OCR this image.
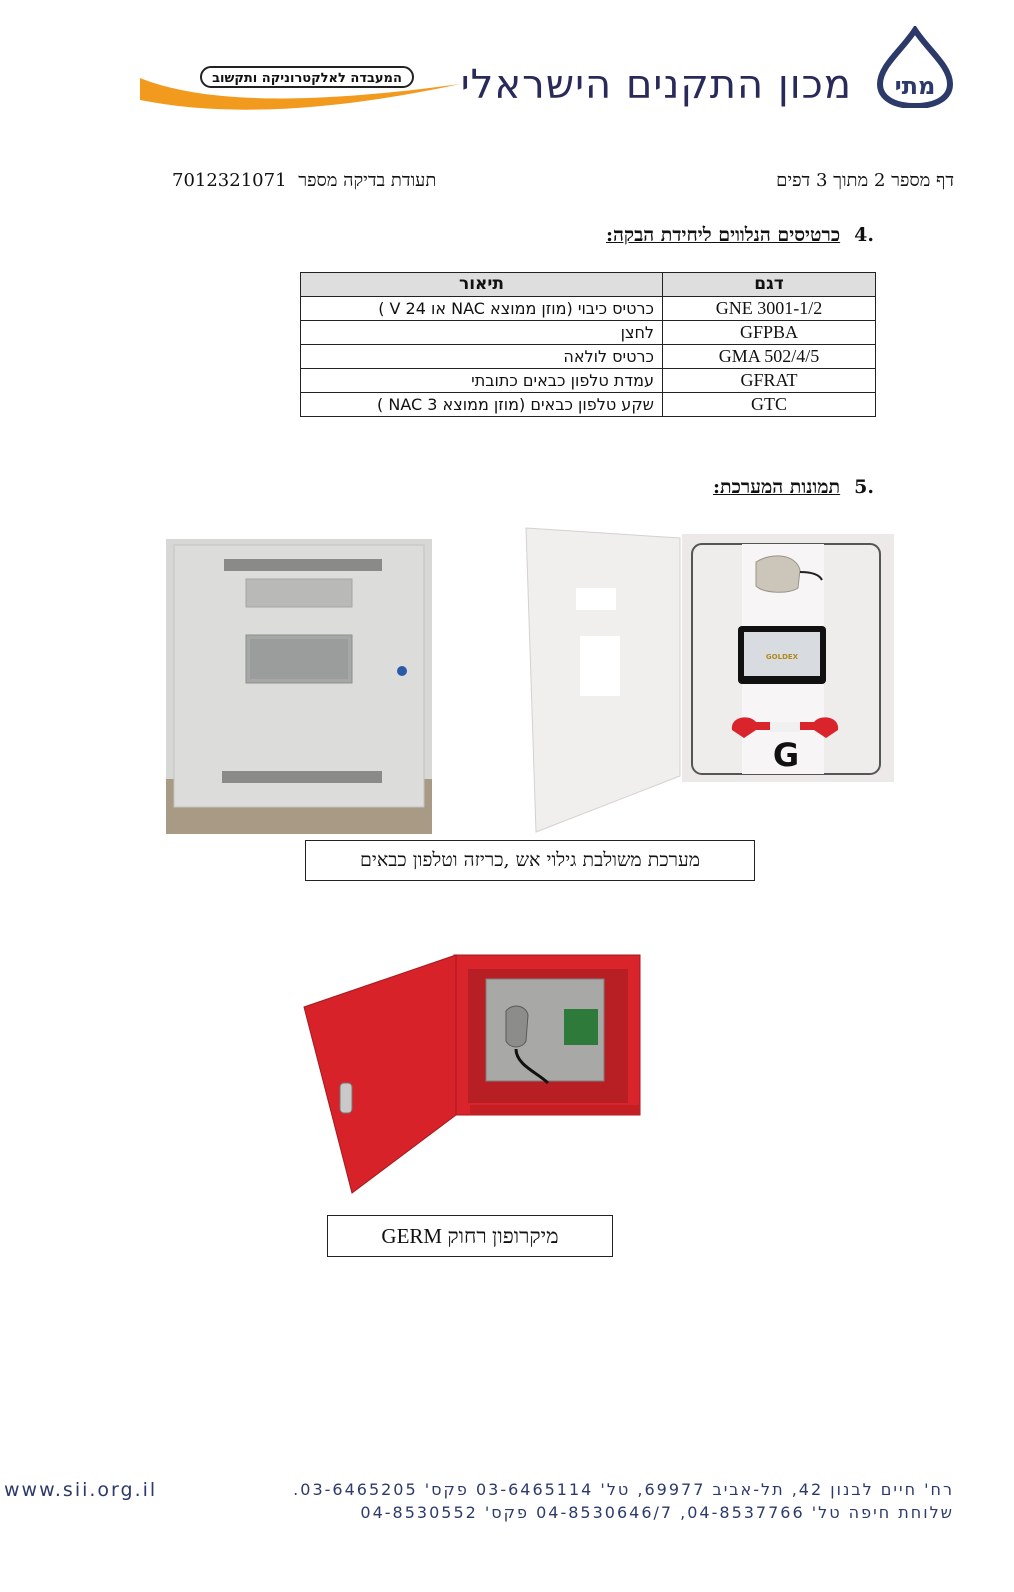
מתי
מכון התקנים הישראלי
המעבדה לאלקטרוניקה ותקשוב
דף מספר 2 מתוך 3 דפים
תעודת בדיקה מספר 7012321071
.4כרטיסים הנלווים ליחידת הבקה:
תיאור	דגם
כרטיס כיבוי (מוזן ממוצא NAC או V 24 )	GNE 3001-1/2
לחצן	GFPBA
כרטיס לולאה	GMA 502/4/5
עמדת טלפון כבאים כתובתי	GFRAT
שקע טלפון כבאים (מוזן ממוצא 3 NAC )	GTC
.5תמונות המערכת:
GOLDEX
G
מערכת משולבת גילוי אש ,כריזה וטלפון כבאים
מיקרופון רחוק GERM
רח' חיים לבנון 42, תל-אביב 69977, טל' 03-6465114 פקס' 03-6465205.
www.sii.org.il
שלוחת חיפה טל' 04-8537766, 04-8530646/7 פקס' 04-8530552
